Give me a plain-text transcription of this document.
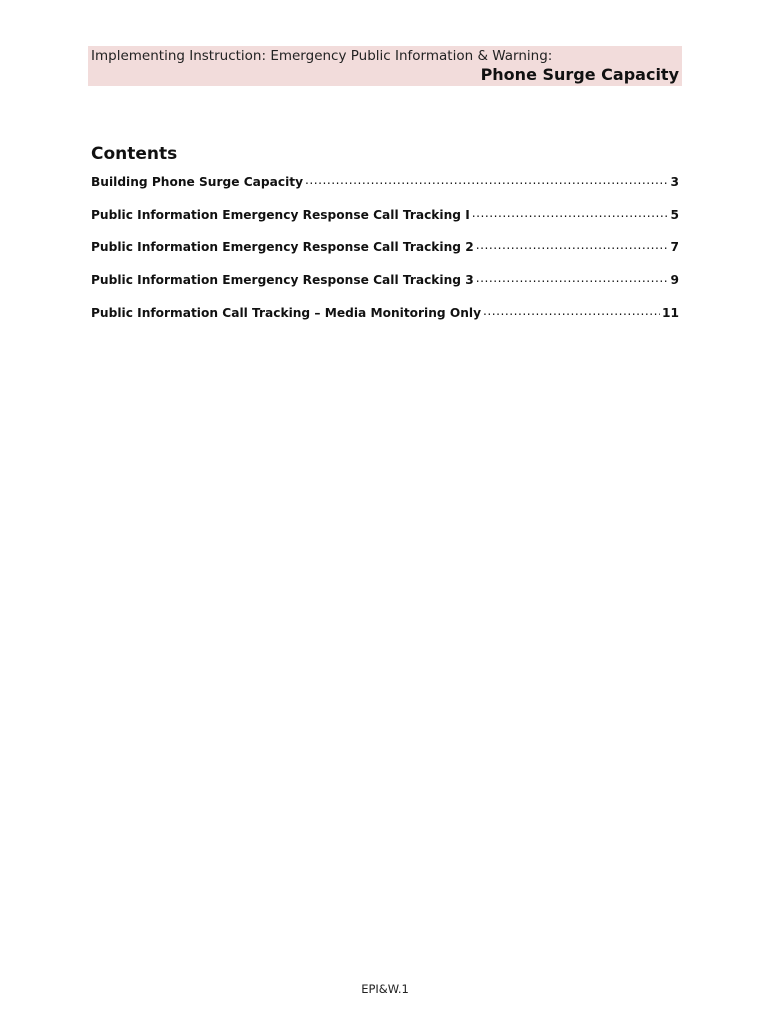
Implementing Instruction: Emergency Public Information & Warning:
Phone Surge Capacity
Contents
Building Phone Surge Capacity .....	3
Public Information Emergency Response Call Tracking I .....	5
Public Information Emergency Response Call Tracking 2 .....	7
Public Information Emergency Response Call Tracking 3 .....	9
Public Information Call Tracking – Media Monitoring Only .....	11
EPI&W.1
